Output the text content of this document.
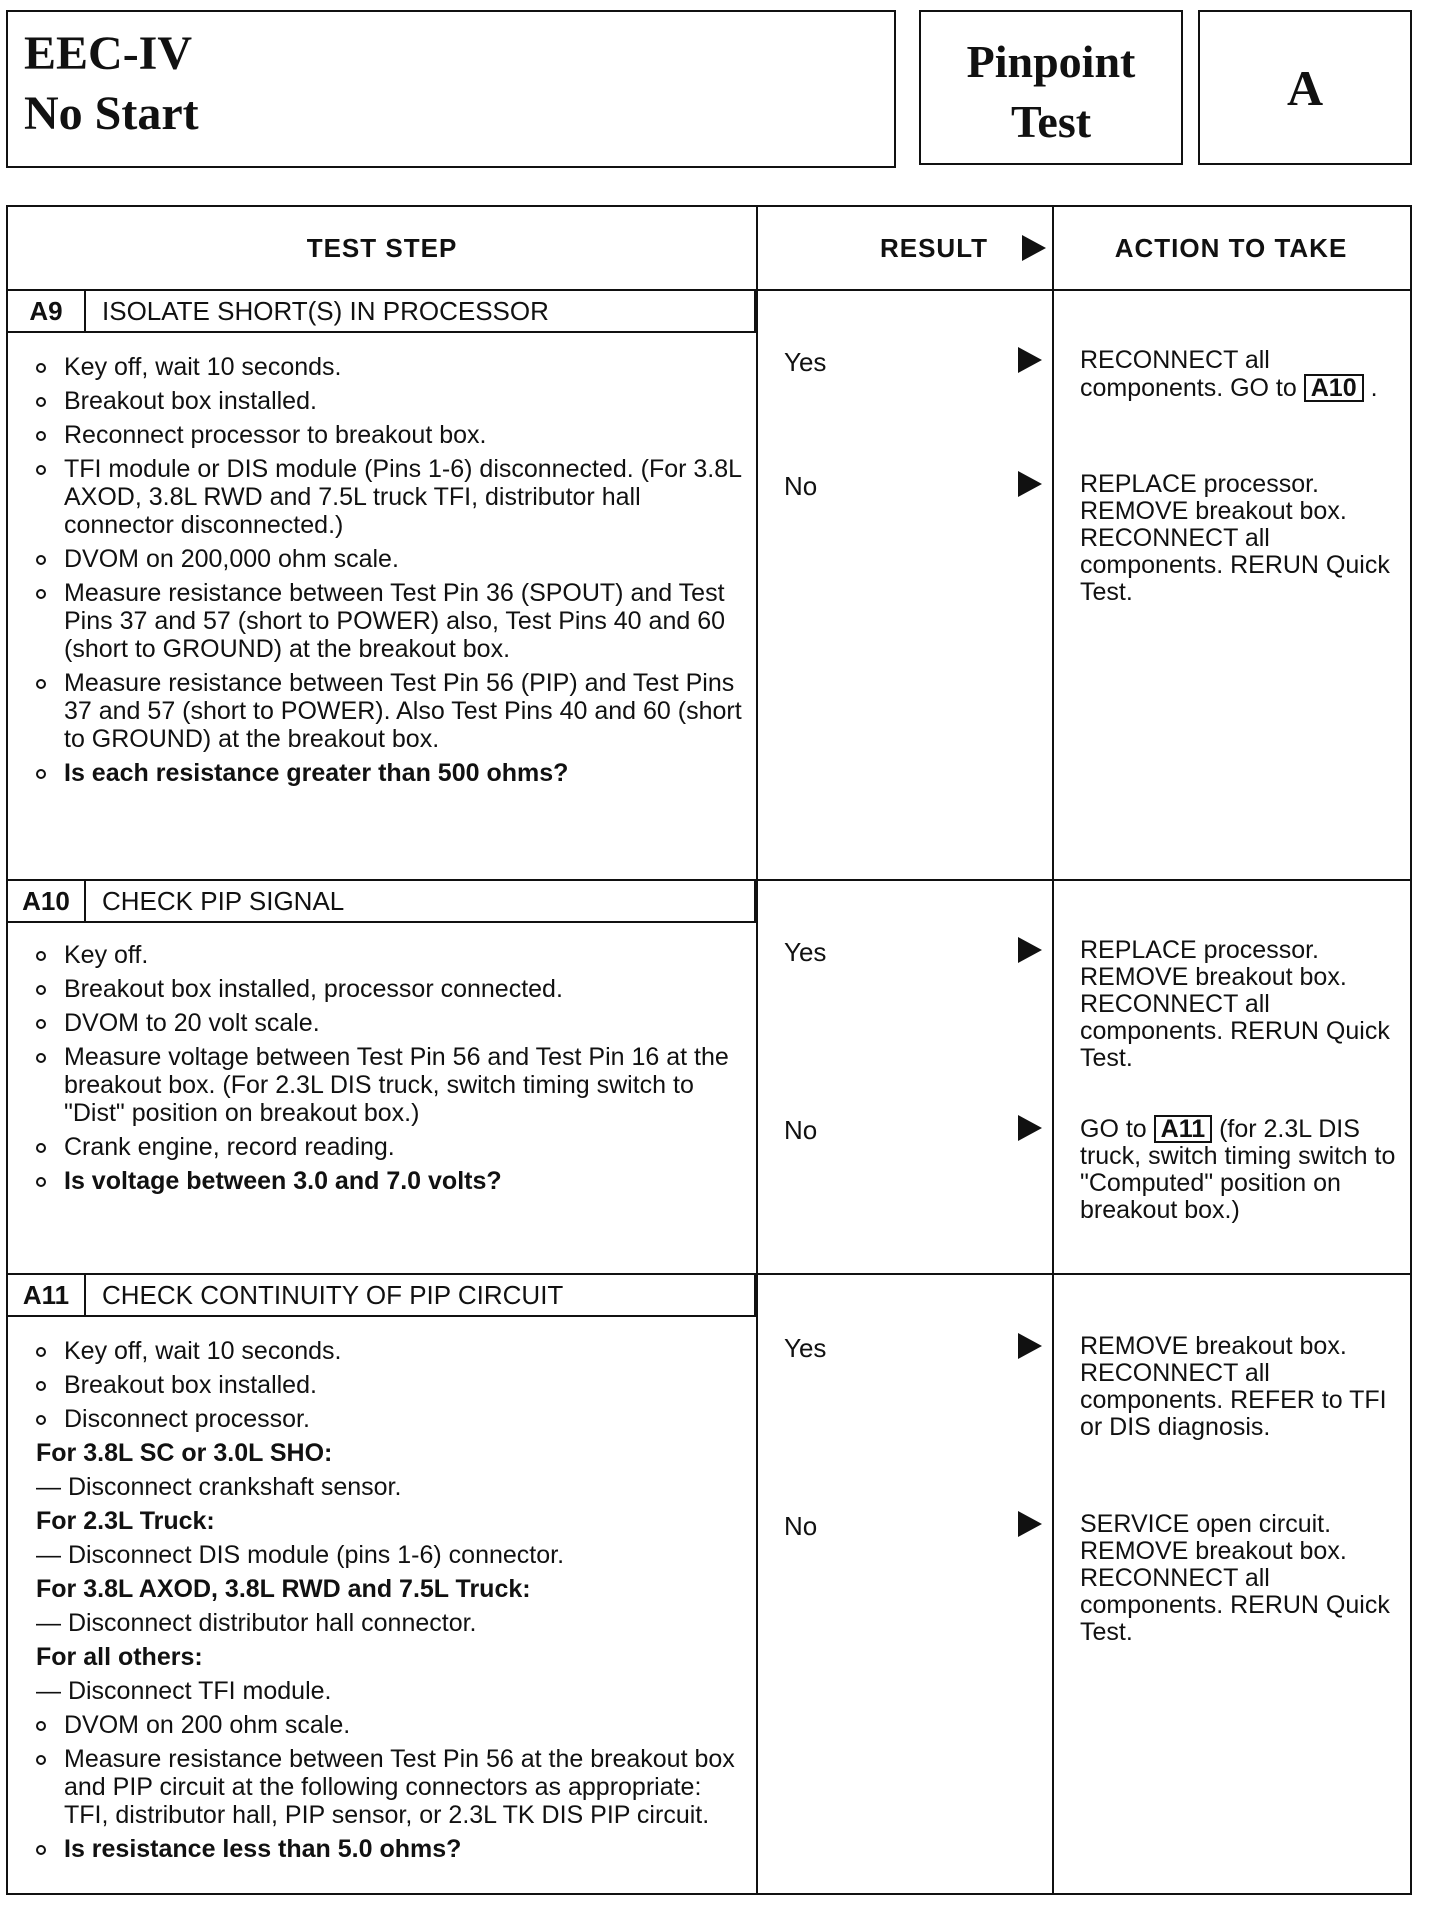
EEC-IV
No Start
Pinpoint
Test
A
TEST STEP	RESULT	ACTION TO TAKE
A9	ISOLATE SHORT(S) IN PROCESSOR
Key off, wait 10 seconds.
Breakout box installed.
Reconnect processor to breakout box.
TFI module or DIS module (Pins 1-6) disconnected. (For 3.8L AXOD, 3.8L RWD and 7.5L truck TFI, distributor hall connector disconnected.)
DVOM on 200,000 ohm scale.
Measure resistance between Test Pin 36 (SPOUT) and Test Pins 37 and 57 (short to POWER) also, Test Pins 40 and 60 (short to GROUND) at the breakout box.
Measure resistance between Test Pin 56 (PIP) and Test Pins 37 and 57 (short to POWER). Also Test Pins 40 and 60 (short to GROUND) at the breakout box.
Is each resistance greater than 500 ohms?
Yes	RECONNECT all components. GO to A10 .
No	REPLACE processor. REMOVE breakout box. RECONNECT all components. RERUN Quick Test.
A10	CHECK PIP SIGNAL
Key off.
Breakout box installed, processor connected.
DVOM to 20 volt scale.
Measure voltage between Test Pin 56 and Test Pin 16 at the breakout box. (For 2.3L DIS truck, switch timing switch to "Dist" position on breakout box.)
Crank engine, record reading.
Is voltage between 3.0 and 7.0 volts?
Yes	REPLACE processor. REMOVE breakout box. RECONNECT all components. RERUN Quick Test.
No	GO to A11 (for 2.3L DIS truck, switch timing switch to "Computed" position on breakout box.)
A11	CHECK CONTINUITY OF PIP CIRCUIT
Key off, wait 10 seconds.
Breakout box installed.
Disconnect processor.
For 3.8L SC or 3.0L SHO:
— Disconnect crankshaft sensor.
For 2.3L Truck:
— Disconnect DIS module (pins 1-6) connector.
For 3.8L AXOD, 3.8L RWD and 7.5L Truck:
— Disconnect distributor hall connector.
For all others:
— Disconnect TFI module.
DVOM on 200 ohm scale.
Measure resistance between Test Pin 56 at the breakout box and PIP circuit at the following connectors as appropriate: TFI, distributor hall, PIP sensor, or 2.3L TK DIS PIP circuit.
Is resistance less than 5.0 ohms?
Yes	REMOVE breakout box. RECONNECT all components. REFER to TFI or DIS diagnosis.
No	SERVICE open circuit. REMOVE breakout box. RECONNECT all components. RERUN Quick Test.
